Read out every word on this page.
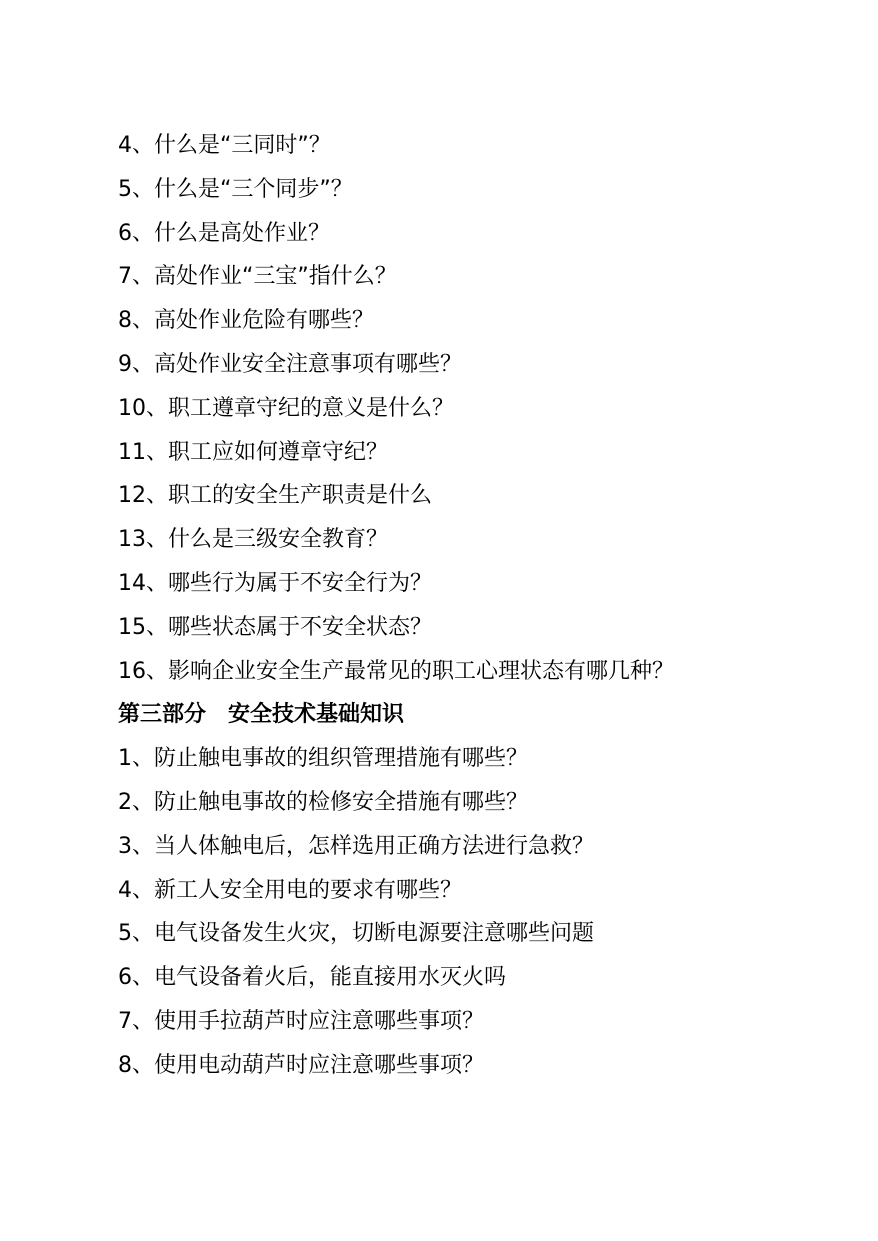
4、什么是“三同时”？

5、什么是“三个同步”？

6、什么是高处作业？

7、高处作业“三宝”指什么？

8、高处作业危险有哪些？

9、高处作业安全注意事项有哪些？

10、职工遵章守纪的意义是什么？

11、职工应如何遵章守纪？

12、职工的安全生产职责是什么

13、什么是三级安全教育？

14、哪些行为属于不安全行为？

15、哪些状态属于不安全状态？

16、影响企业安全生产最常见的职工心理状态有哪几种？

第三部分　安全技术基础知识

1、防止触电事故的组织管理措施有哪些？

2、防止触电事故的检修安全措施有哪些？

3、当人体触电后，怎样选用正确方法进行急救？

4、新工人安全用电的要求有哪些？

5、电气设备发生火灾，切断电源要注意哪些问题

6、电气设备着火后，能直接用水灭火吗

7、使用手拉葫芦时应注意哪些事项？

8、使用电动葫芦时应注意哪些事项？
